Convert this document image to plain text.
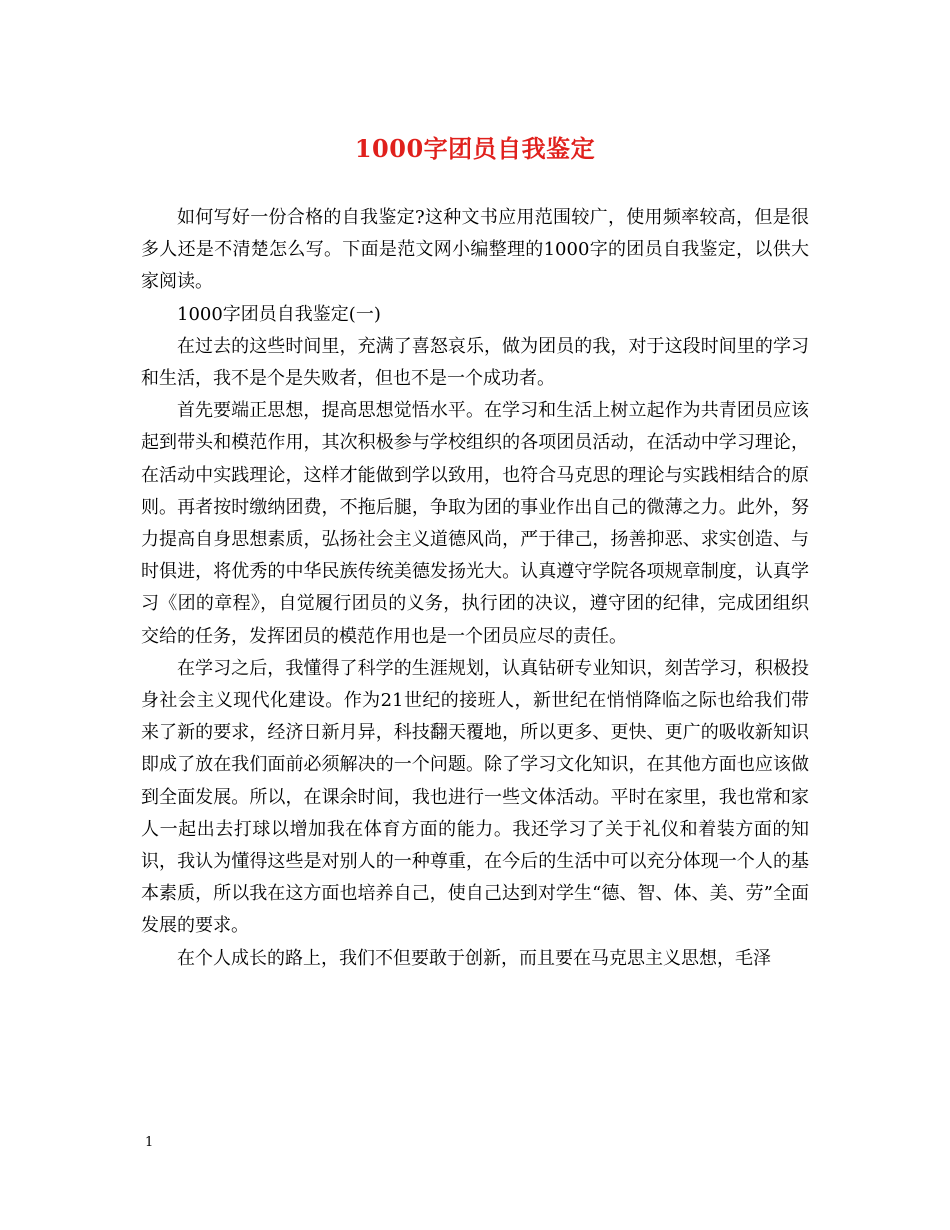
1000字团员自我鉴定

如何写好一份合格的自我鉴定?这种文书应用范围较广，使用频率较高，但是很多人还是不清楚怎么写。下面是范文网小编整理的1000字的团员自我鉴定，以供大家阅读。

1000字团员自我鉴定(一)

在过去的这些时间里，充满了喜怒哀乐，做为团员的我，对于这段时间里的学习和生活，我不是个是失败者，但也不是一个成功者。

首先要端正思想，提高思想觉悟水平。在学习和生活上树立起作为共青团员应该起到带头和模范作用，其次积极参与学校组织的各项团员活动，在活动中学习理论，在活动中实践理论，这样才能做到学以致用，也符合马克思的理论与实践相结合的原则。再者按时缴纳团费，不拖后腿，争取为团的事业作出自己的微薄之力。此外，努力提高自身思想素质，弘扬社会主义道德风尚，严于律己，扬善抑恶、求实创造、与时俱进，将优秀的中华民族传统美德发扬光大。认真遵守学院各项规章制度，认真学习《团的章程》，自觉履行团员的义务，执行团的决议，遵守团的纪律，完成团组织交给的任务，发挥团员的模范作用也是一个团员应尽的责任。

在学习之后，我懂得了科学的生涯规划，认真钻研专业知识，刻苦学习，积极投身社会主义现代化建设。作为21世纪的接班人，新世纪在悄悄降临之际也给我们带来了新的要求，经济日新月异，科技翻天覆地，所以更多、更快、更广的吸收新知识即成了放在我们面前必须解决的一个问题。除了学习文化知识，在其他方面也应该做到全面发展。所以，在课余时间，我也进行一些文体活动。平时在家里，我也常和家人一起出去打球以增加我在体育方面的能力。我还学习了关于礼仪和着装方面的知识，我认为懂得这些是对别人的一种尊重，在今后的生活中可以充分体现一个人的基本素质，所以我在这方面也培养自己，使自己达到对学生“德、智、体、美、劳”全面发展的要求。

在个人成长的路上，我们不但要敢于创新，而且要在马克思主义思想，毛泽

1
